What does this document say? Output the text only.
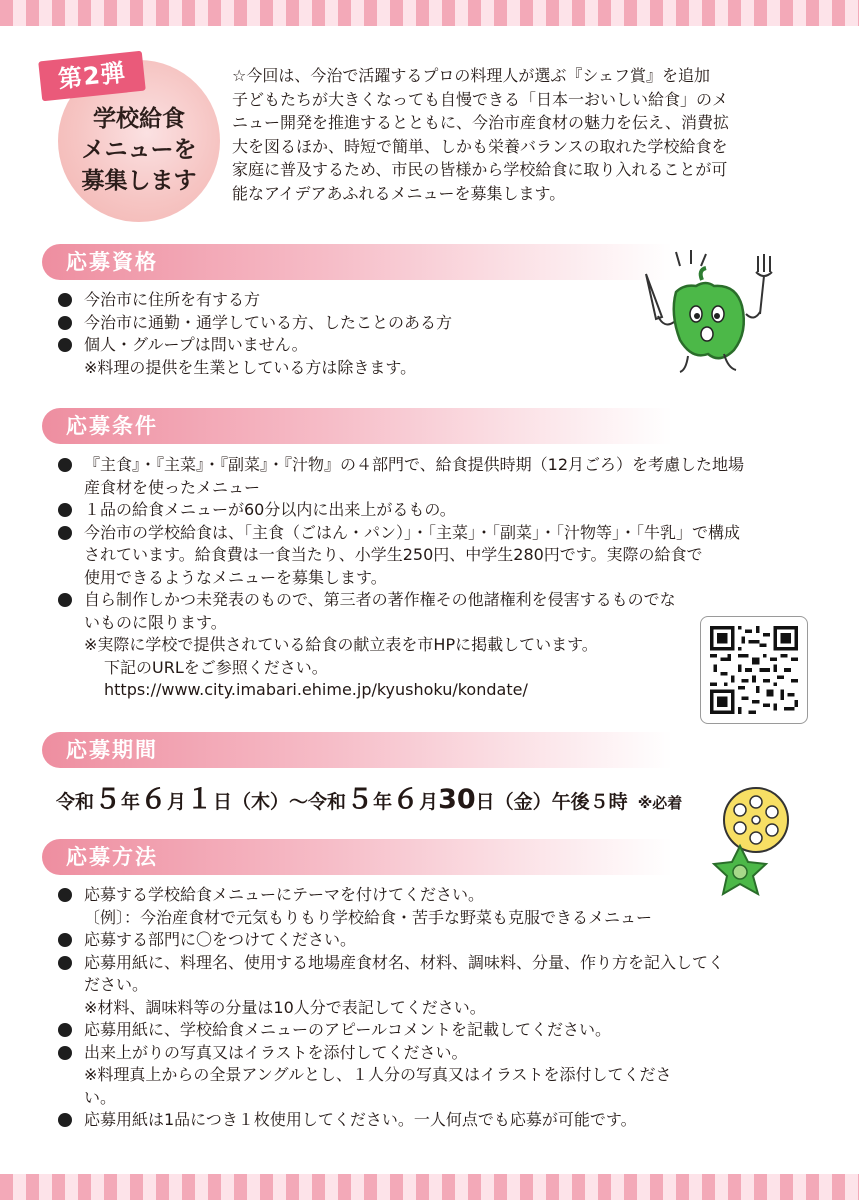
第2弾
学校給食
メニューを
募集します
☆今回は、今治で活躍するプロの料理人が選ぶ『シェフ賞』を追加
子どもたちが大きくなっても自慢できる「日本一おいしい給食」のメ
ニュー開発を推進するとともに、今治市産食材の魅力を伝え、消費拡
大を図るほか、時短で簡単、しかも栄養バランスの取れた学校給食を
家庭に普及するため、市民の皆様から学校給食に取り入れることが可
能なアイデアあふれるメニューを募集します。
応募資格
今治市に住所を有する方
今治市に通勤・通学している方、したことのある方
個人・グループは問いません。
※料理の提供を生業としている方は除きます。
応募条件
『主食』・『主菜』・『副菜』・『汁物』の４部門で、給食提供時期（12月ごろ）を考慮した地場
産食材を使ったメニュー
１品の給食メニューが60分以内に出来上がるもの。
今治市の学校給食は、「主食（ごはん・パン）」・「主菜」・「副菜」・「汁物等」・「牛乳」で構成
されています。給食費は一食当たり、小学生250円、中学生280円です。実際の給食で
使用できるようなメニューを募集します。
自ら制作しかつ未発表のもので、第三者の著作権その他諸権利を侵害するものでな
いものに限ります。
※実際に学校で提供されている給食の献立表を市HPに掲載しています。
下記のURLをご参照ください。
https://www.city.imabari.ehime.jp/kyushoku/kondate/
応募期間
令和５年６月１日（木）～令和５年６月30日（金）午後５時 ※必着
応募方法
応募する学校給食メニューにテーマを付けてください。
〔例〕：今治産食材で元気もりもり学校給食・苦手な野菜も克服できるメニュー
応募する部門に〇をつけてください。
応募用紙に、料理名、使用する地場産食材名、材料、調味料、分量、作り方を記入してく
ださい。
※材料、調味料等の分量は10人分で表記してください。
応募用紙に、学校給食メニューのアピールコメントを記載してください。
出来上がりの写真又はイラストを添付してください。
※料理真上からの全景アングルとし、１人分の写真又はイラストを添付してくださ
い。
応募用紙は1品につき１枚使用してください。一人何点でも応募が可能です。
